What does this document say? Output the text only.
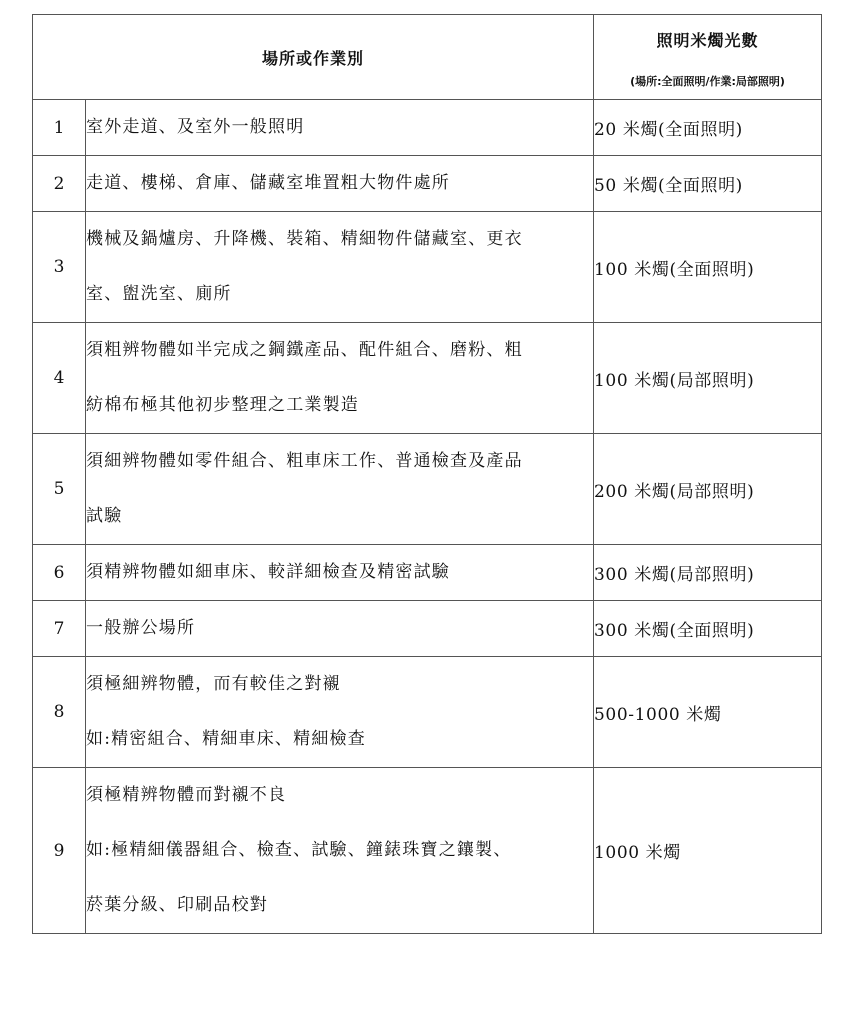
場所或作業別		照明米燭光數
(場所:全面照明/作業:局部照明)

1	室外走道、及室外一般照明	20 米燭(全面照明)
2	走道、樓梯、倉庫、儲藏室堆置粗大物件處所	50 米燭(全面照明)
3	機械及鍋爐房、升降機、裝箱、精細物件儲藏室、更衣
室、盥洗室、廁所	100 米燭(全面照明)
4	須粗辨物體如半完成之鋼鐵產品、配件組合、磨粉、粗
紡棉布極其他初步整理之工業製造	100 米燭(局部照明)
5	須細辨物體如零件組合、粗車床工作、普通檢查及產品
試驗	200 米燭(局部照明)
6	須精辨物體如細車床、較詳細檢查及精密試驗	300 米燭(局部照明)
7	一般辦公場所	300 米燭(全面照明)
8	須極細辨物體，而有較佳之對襯
如:精密組合、精細車床、精細檢查	500-1000 米燭
9	須極精辨物體而對襯不良
如:極精細儀器組合、檢查、試驗、鐘錶珠寶之鑲製、
菸葉分級、印刷品校對	1000 米燭
